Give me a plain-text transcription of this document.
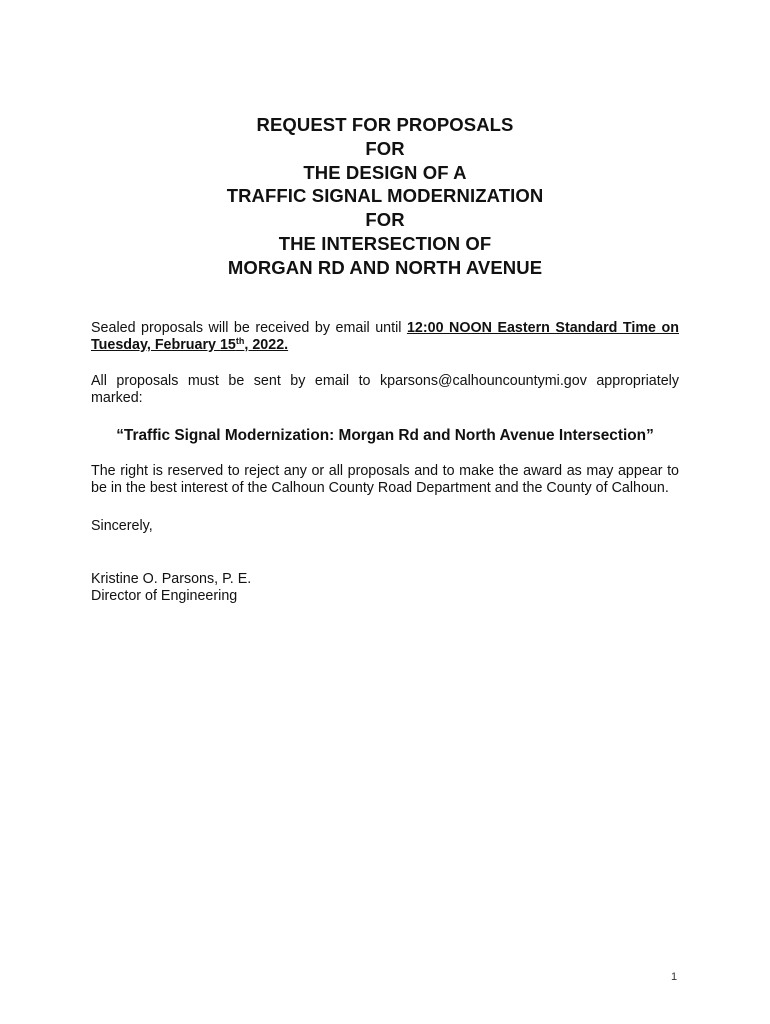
REQUEST FOR PROPOSALS
FOR
THE DESIGN OF A
TRAFFIC SIGNAL MODERNIZATION
FOR
THE INTERSECTION OF
MORGAN RD AND NORTH AVENUE
Sealed proposals will be received by email until 12:00 NOON Eastern Standard Time on Tuesday, February 15th, 2022.
All proposals must be sent by email to kparsons@calhouncountymi.gov appropriately marked:
“Traffic Signal Modernization: Morgan Rd and North Avenue Intersection”
The right is reserved to reject any or all proposals and to make the award as may appear to be in the best interest of the Calhoun County Road Department and the County of Calhoun.
Sincerely,
Kristine O. Parsons, P. E.
Director of Engineering
1
